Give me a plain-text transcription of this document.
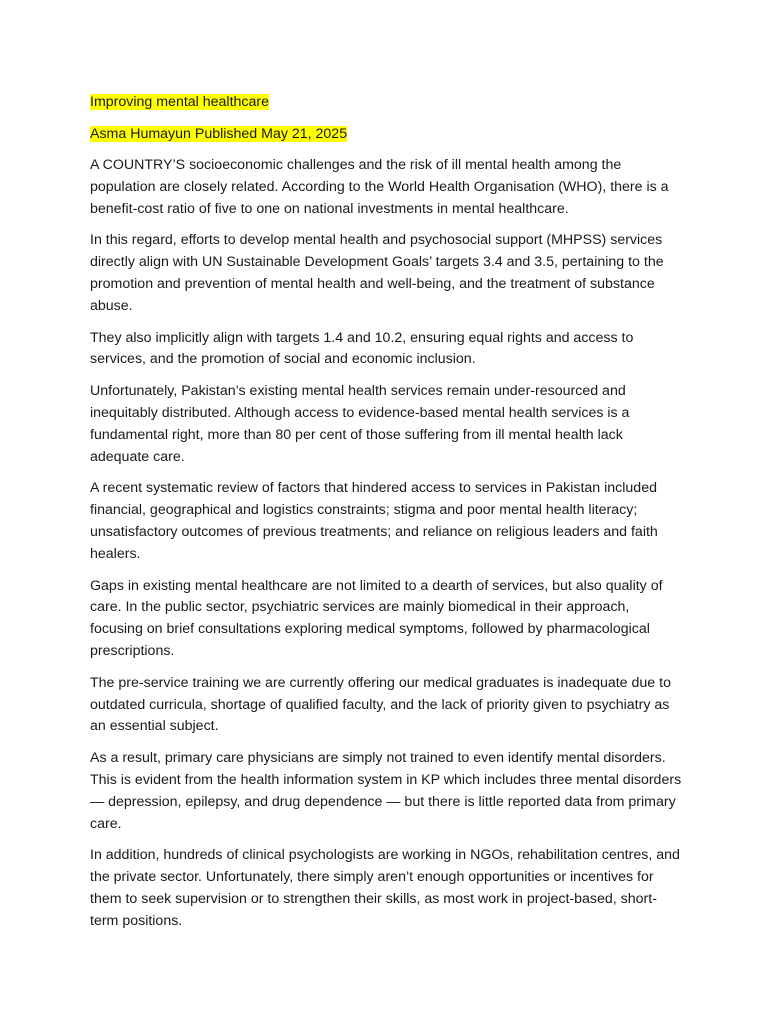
Improving mental healthcare

Asma Humayun Published May 21, 2025

A COUNTRY’S socioeconomic challenges and the risk of ill mental health among the population are closely related. According to the World Health Organisation (WHO), there is a benefit-cost ratio of five to one on national investments in mental healthcare.

In this regard, efforts to develop mental health and psychosocial support (MHPSS) services directly align with UN Sustainable Development Goals’ targets 3.4 and 3.5, pertaining to the promotion and prevention of mental health and well-being, and the treatment of substance abuse.

They also implicitly align with targets 1.4 and 10.2, ensuring equal rights and access to services, and the promotion of social and economic inclusion.

Unfortunately, Pakistan’s existing mental health services remain under-resourced and inequitably distributed. Although access to evidence-based mental health services is a fundamental right, more than 80 per cent of those suffering from ill mental health lack adequate care.

A recent systematic review of factors that hindered access to services in Pakistan included financial, geographical and logistics constraints; stigma and poor mental health literacy; unsatisfactory outcomes of previous treatments; and reliance on religious leaders and faith healers.

Gaps in existing mental healthcare are not limited to a dearth of services, but also quality of care. In the public sector, psychiatric services are mainly biomedical in their approach, focusing on brief consultations exploring medical symptoms, followed by pharmacological prescriptions.

The pre-service training we are currently offering our medical graduates is inadequate due to outdated curricula, shortage of qualified faculty, and the lack of priority given to psychiatry as an essential subject.

As a result, primary care physicians are simply not trained to even identify mental disorders. This is evident from the health information system in KP which includes three mental disorders — depression, epilepsy, and drug dependence — but there is little reported data from primary care.

In addition, hundreds of clinical psychologists are working in NGOs, rehabilitation centres, and the private sector. Unfortunately, there simply aren’t enough opportunities or incentives for them to seek supervision or to strengthen their skills, as most work in project-based, short-term positions.
